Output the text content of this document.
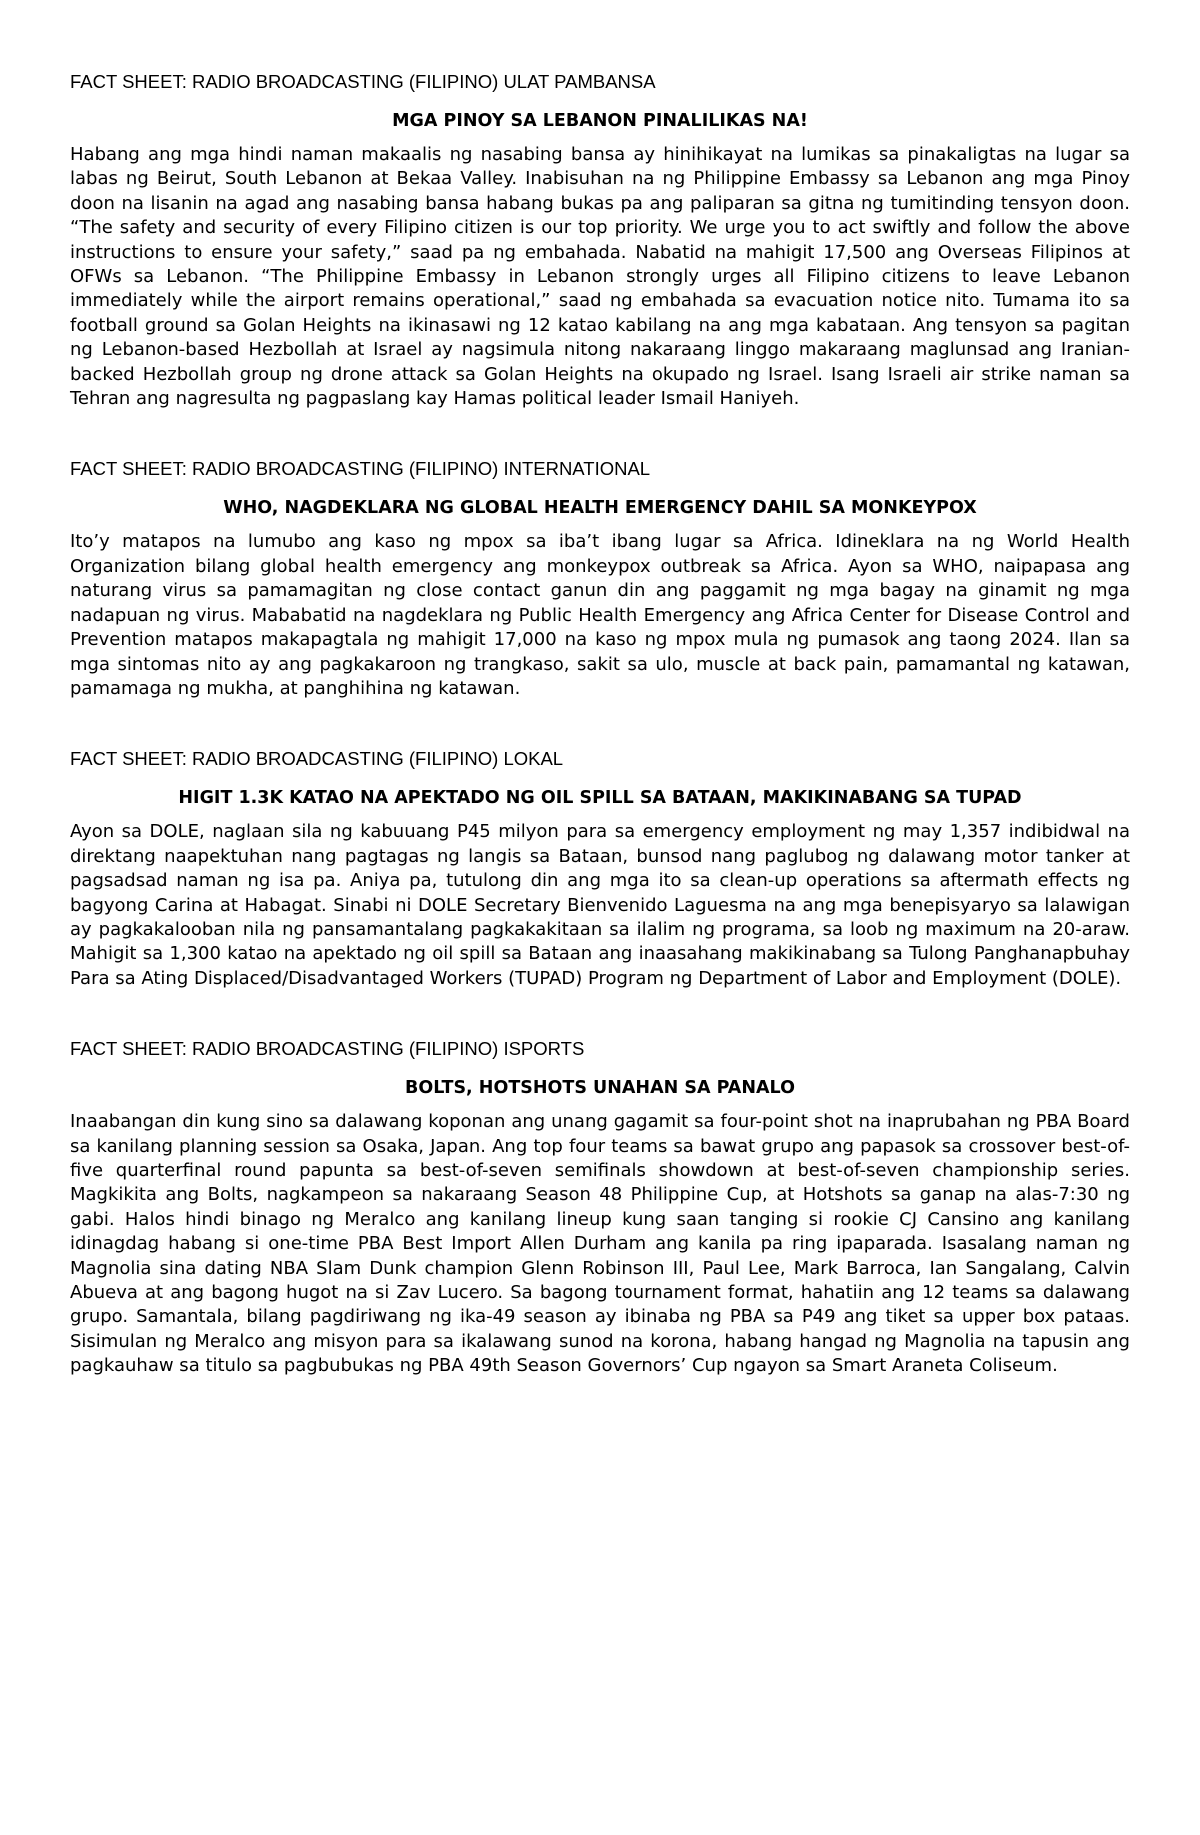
FACT SHEET: RADIO BROADCASTING (FILIPINO) ULAT PAMBANSA

MGA PINOY SA LEBANON PINALILIKAS NA!

Habang ang mga hindi naman makaalis ng nasabing bansa ay hinihikayat na lumikas sa pinakaligtas na lugar sa labas ng Beirut, South Lebanon at Bekaa Valley. Inabisuhan na ng Philippine Embassy sa Lebanon ang mga Pinoy doon na lisanin na agad ang nasabing bansa habang bukas pa ang paliparan sa gitna ng tumitinding tensyon doon. “The safety and security of every Filipino citizen is our top priority. We urge you to act swiftly and follow the above instructions to ensure your safety,” saad pa ng embahada. Nabatid na mahigit 17,500 ang Overseas Filipinos at OFWs sa Lebanon. “The Philippine Embassy in Lebanon strongly urges all Filipino citizens to leave Lebanon immediately while the airport remains operational,” saad ng embahada sa evacuation notice nito. Tumama ito sa football ground sa Golan Heights na ikinasawi ng 12 katao kabilang na ang mga kabataan. Ang tensyon sa pagitan ng Lebanon-based Hezbollah at Israel ay nagsimula nitong nakaraang linggo makaraang maglunsad ang Iranian-backed Hezbollah group ng drone attack sa Golan Heights na okupado ng Israel. Isang Israeli air strike naman sa Tehran ang nagresulta ng pagpaslang kay Hamas political leader Ismail Haniyeh.

FACT SHEET: RADIO BROADCASTING (FILIPINO) INTERNATIONAL

WHO, NAGDEKLARA NG GLOBAL HEALTH EMERGENCY DAHIL SA MONKEYPOX

Ito’y matapos na lumubo ang kaso ng mpox sa iba’t ibang lugar sa Africa. Idineklara na ng World Health Organization bilang global health emergency ang monkeypox outbreak sa Africa. Ayon sa WHO, naipapasa ang naturang virus sa pamamagitan ng close contact ganun din ang paggamit ng mga bagay na ginamit ng mga nadapuan ng virus. Mababatid na nagdeklara ng Public Health Emergency ang Africa Center for Disease Control and Prevention matapos makapagtala ng mahigit 17,000 na kaso ng mpox mula ng pumasok ang taong 2024. Ilan sa mga sintomas nito ay ang pagkakaroon ng trangkaso, sakit sa ulo, muscle at back pain, pamamantal ng katawan, pamamaga ng mukha, at panghihina ng katawan.

FACT SHEET: RADIO BROADCASTING (FILIPINO) LOKAL

HIGIT 1.3K KATAO NA APEKTADO NG OIL SPILL SA BATAAN, MAKIKINABANG SA TUPAD

Ayon sa DOLE, naglaan sila ng kabuuang P45 milyon para sa emergency employment ng may 1,357 indibidwal na direktang naapektuhan nang pagtagas ng langis sa Bataan, bunsod nang paglubog ng dalawang motor tanker at pagsadsad naman ng isa pa. Aniya pa, tutulong din ang mga ito sa clean-up operations sa aftermath effects ng bagyong Carina at Habagat. Sinabi ni DOLE Secretary Bienvenido Laguesma na ang mga benepisyaryo sa lalawigan ay pagkakalooban nila ng pansamantalang pagkakakitaan sa ilalim ng programa, sa loob ng maximum na 20-araw. Mahigit sa 1,300 katao na apektado ng oil spill sa Bataan ang inaasahang makikinabang sa Tulong Panghanapbuhay Para sa Ating Displaced/Disadvantaged Workers (TUPAD) Program ng Department of Labor and Employment (DOLE).

FACT SHEET: RADIO BROADCASTING (FILIPINO) ISPORTS

BOLTS, HOTSHOTS UNAHAN SA PANALO

Inaabangan din kung sino sa dalawang koponan ang unang gagamit sa four-point shot na inaprubahan ng PBA Board sa kanilang planning session sa Osaka, Japan. Ang top four teams sa bawat grupo ang papasok sa crossover best-of-five quarterfinal round papunta sa best-of-seven semifinals showdown at best-of-seven championship series. Magkikita ang Bolts, nagkampeon sa nakaraang Season 48 Philippine Cup, at Hotshots sa ganap na alas-7:30 ng gabi. Halos hindi binago ng Meralco ang kanilang lineup kung saan tanging si rookie CJ Cansino ang kanilang idinagdag habang si one-time PBA Best Import Allen Durham ang kanila pa ring ipaparada. Isasalang naman ng Magnolia sina dating NBA Slam Dunk champion Glenn Robinson III, Paul Lee, Mark Barroca, Ian Sangalang, Calvin Abueva at ang bagong hugot na si Zav Lucero. Sa bagong tournament format, hahatiin ang 12 teams sa dalawang grupo. Samantala, bilang pagdiriwang ng ika-49 season ay ibinaba ng PBA sa P49 ang tiket sa upper box pataas. Sisimulan ng Meralco ang misyon para sa ikalawang sunod na korona, habang hangad ng Magnolia na tapusin ang pagkauhaw sa titulo sa pagbubukas ng PBA 49th Season Governors’ Cup ngayon sa Smart Araneta Coliseum.
